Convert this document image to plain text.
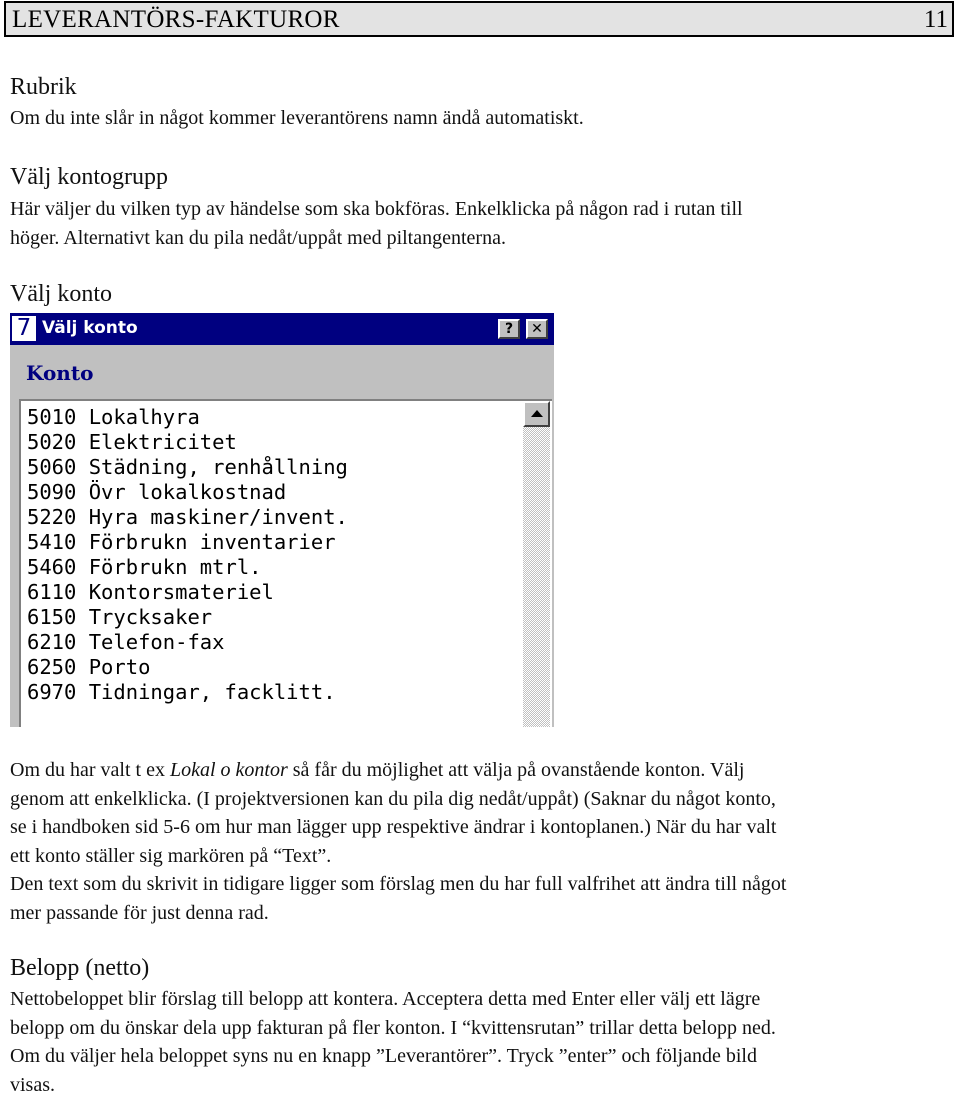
LEVERANTÖRS-FAKTUROR	11
Rubrik
Om du inte slår in något kommer leverantörens namn ändå automatiskt.
Välj kontogrupp
Här väljer du vilken typ av händelse som ska bokföras. Enkelklicka på någon rad i rutan till
höger. Alternativt kan du pila nedåt/uppåt med piltangenterna.
Välj konto
7 Välj konto	?	✕
Konto
5010 Lokalhyra
5020 Elektricitet
5060 Städning, renhållning
5090 Övr lokalkostnad
5220 Hyra maskiner/invent.
5410 Förbrukn inventarier
5460 Förbrukn mtrl.
6110 Kontorsmateriel
6150 Trycksaker
6210 Telefon-fax
6250 Porto
6970 Tidningar, facklitt.
Om du har valt t ex Lokal o kontor så får du möjlighet att välja på ovanstående konton. Välj
genom att enkelklicka. (I projektversionen kan du pila dig nedåt/uppåt) (Saknar du något konto,
se i handboken sid 5-6 om hur man lägger upp respektive ändrar i kontoplanen.) När du har valt
ett konto ställer sig markören på “Text”.
Den text som du skrivit in tidigare ligger som förslag men du har full valfrihet att ändra till något
mer passande för just denna rad.
Belopp (netto)
Nettobeloppet blir förslag till belopp att kontera. Acceptera detta med Enter eller välj ett lägre
belopp om du önskar dela upp fakturan på fler konton. I “kvittensrutan” trillar detta belopp ned.
Om du väljer hela beloppet syns nu en knapp ”Leverantörer”. Tryck ”enter” och följande bild
visas.
